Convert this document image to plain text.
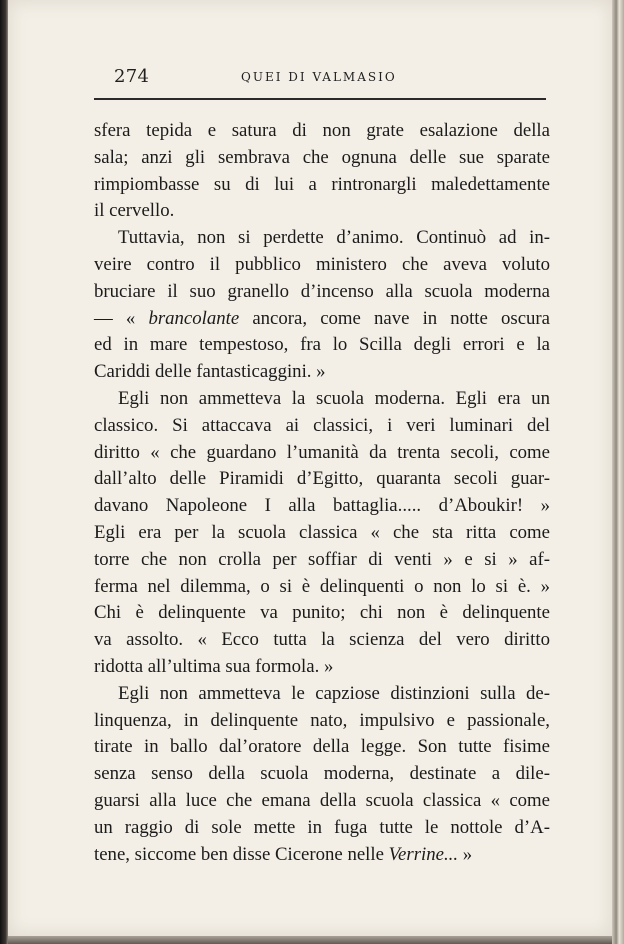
274	QUEI DI VALMASIO
sfera tepida e satura di non grate esalazione della
sala; anzi gli sembrava che ognuna delle sue sparate
rimpiombasse su di lui a rintronargli maledettamente
il cervello.
Tuttavia, non si perdette d’animo. Continuò ad in-
veire contro il pubblico ministero che aveva voluto
bruciare il suo granello d’incenso alla scuola moderna
— « brancolante ancora, come nave in notte oscura
ed in mare tempestoso, fra lo Scilla degli errori e la
Cariddi delle fantasticaggini. »
Egli non ammetteva la scuola moderna. Egli era un
classico. Si attaccava ai classici, i veri luminari del
diritto « che guardano l’umanità da trenta secoli, come
dall’alto delle Piramidi d’Egitto, quaranta secoli guar-
davano Napoleone I alla battaglia..... d’Aboukir! »
Egli era per la scuola classica « che sta ritta come
torre che non crolla per soffiar di venti » e si » af-
ferma nel dilemma, o si è delinquenti o non lo si è. »
Chi è delinquente va punito; chi non è delinquente
va assolto. « Ecco tutta la scienza del vero diritto
ridotta all’ultima sua formola. »
Egli non ammetteva le capziose distinzioni sulla de-
linquenza, in delinquente nato, impulsivo e passionale,
tirate in ballo dal’oratore della legge. Son tutte fisime
senza senso della scuola moderna, destinate a dile-
guarsi alla luce che emana della scuola classica « come
un raggio di sole mette in fuga tutte le nottole d’A-
tene, siccome ben disse Cicerone nelle Verrine... »
